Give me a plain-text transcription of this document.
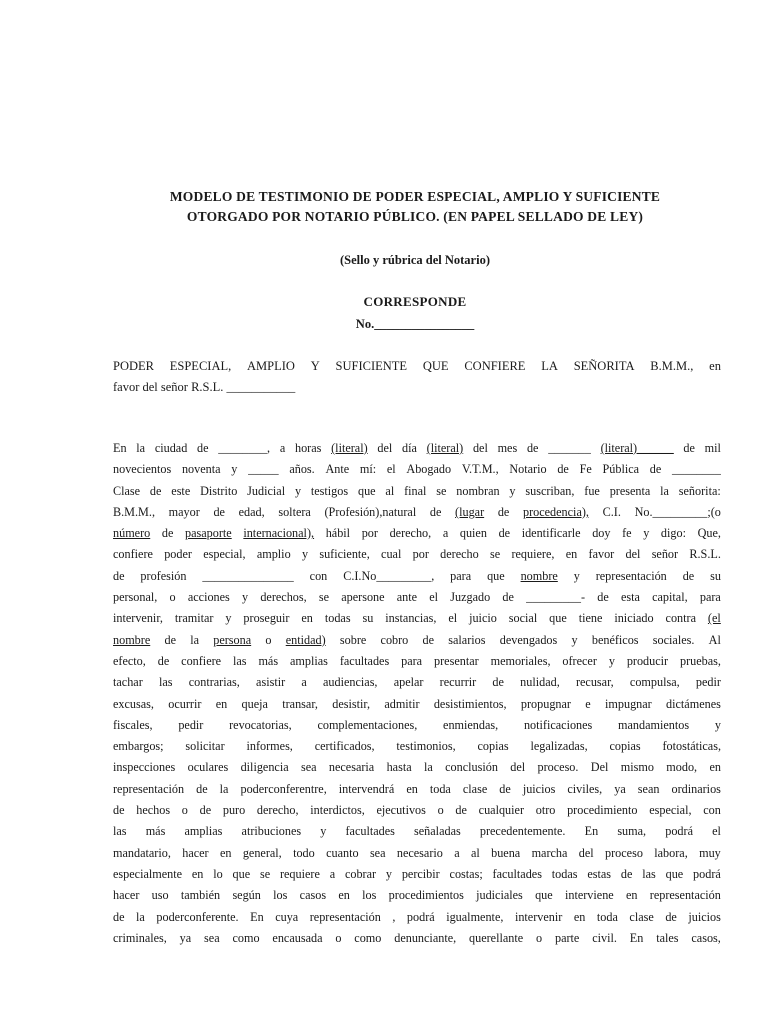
MODELO DE TESTIMONIO DE PODER ESPECIAL, AMPLIO Y SUFICIENTE
OTORGADO POR NOTARIO PÚBLICO. (EN PAPEL SELLADO DE LEY)
(Sello y rúbrica del Notario)
CORRESPONDE
No.________________
PODER ESPECIAL, AMPLIO Y SUFICIENTE QUE CONFIERE LA SEÑORITA B.M.M., en
favor del señor R.S.L. ___________
En la ciudad de ________, a horas (literal) del día (literal) del mes de _______ (literal)______ de mil
novecientos noventa y _____ años. Ante mí: el Abogado V.T.M., Notario de Fe Pública de ________
Clase de este Distrito Judicial y testigos que al final se nombran y suscriban, fue presenta la señorita:
B.M.M., mayor de edad, soltera (Profesión),natural de (lugar de procedencia), C.I. No._________;(o
número de pasaporte internacional), hábil por derecho, a quien de identificarle doy fe y digo: Que,
confiere poder especial, amplio y suficiente, cual por derecho se requiere, en favor del señor R.S.L.
de profesión _______________ con C.I.No_________, para que nombre y representación de su
personal, o acciones y derechos, se apersone ante el Juzgado de _________- de esta capital, para
intervenir, tramitar y proseguir en todas su instancias, el juicio social que tiene iniciado contra (el
nombre de la persona o entidad) sobre cobro de salarios devengados y benéficos sociales. Al
efecto, de confiere las más amplias facultades para presentar memoriales, ofrecer y producir pruebas,
tachar las contrarias, asistir a audiencias, apelar recurrir de nulidad, recusar, compulsa, pedir
excusas, ocurrir en queja transar, desistir, admitir desistimientos, propugnar e impugnar dictámenes
fiscales, pedir revocatorias, complementaciones, enmiendas, notificaciones mandamientos y
embargos; solicitar informes, certificados, testimonios, copias legalizadas, copias fotostáticas,
inspecciones oculares diligencia sea necesaria hasta la conclusión del proceso. Del mismo modo, en
representación de la poderconferentre, intervendrá en toda clase de juicios civiles, ya sean ordinarios
de hechos o de puro derecho, interdictos, ejecutivos o de cualquier otro procedimiento especial, con
las más amplias atribuciones y facultades señaladas precedentemente. En suma, podrá el
mandatario, hacer en general, todo cuanto sea necesario a al buena marcha del proceso labora, muy
especialmente en lo que se requiere a cobrar y percibir costas; facultades todas estas de las que podrá
hacer uso también según los casos en los procedimientos judiciales que interviene en representación
de la poderconferente. En cuya representación , podrá igualmente, intervenir en toda clase de juicios
criminales, ya sea como encausada o como denunciante, querellante o parte civil. En tales casos,
